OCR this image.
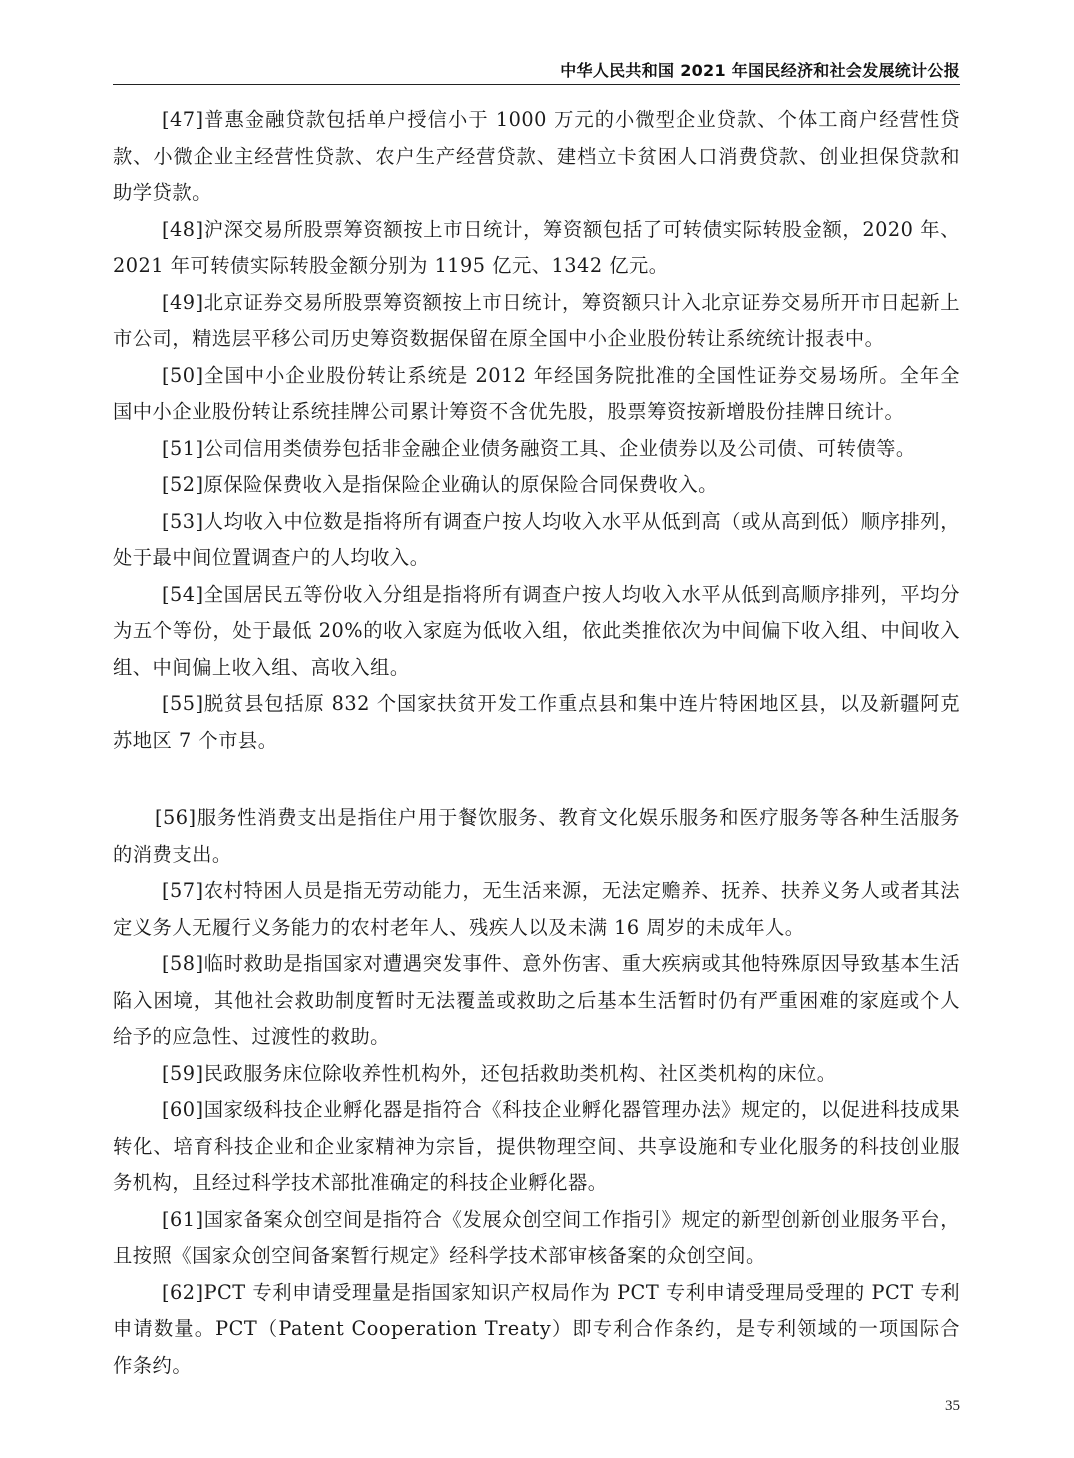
中华人民共和国 2021 年国民经济和社会发展统计公报

[47]普惠金融贷款包括单户授信小于 1000 万元的小微型企业贷款、个体工商户经营性贷款、小微企业主经营性贷款、农户生产经营贷款、建档立卡贫困人口消费贷款、创业担保贷款和助学贷款。

[48]沪深交易所股票筹资额按上市日统计，筹资额包括了可转债实际转股金额，2020 年、2021 年可转债实际转股金额分别为 1195 亿元、1342 亿元。

[49]北京证券交易所股票筹资额按上市日统计，筹资额只计入北京证券交易所开市日起新上市公司，精选层平移公司历史筹资数据保留在原全国中小企业股份转让系统统计报表中。

[50]全国中小企业股份转让系统是 2012 年经国务院批准的全国性证券交易场所。全年全国中小企业股份转让系统挂牌公司累计筹资不含优先股，股票筹资按新增股份挂牌日统计。

[51]公司信用类债券包括非金融企业债务融资工具、企业债券以及公司债、可转债等。

[52]原保险保费收入是指保险企业确认的原保险合同保费收入。

[53]人均收入中位数是指将所有调查户按人均收入水平从低到高（或从高到低）顺序排列，处于最中间位置调查户的人均收入。

[54]全国居民五等份收入分组是指将所有调查户按人均收入水平从低到高顺序排列，平均分为五个等份，处于最低 20%的收入家庭为低收入组，依此类推依次为中间偏下收入组、中间收入组、中间偏上收入组、高收入组。

[55]脱贫县包括原 832 个国家扶贫开发工作重点县和集中连片特困地区县，以及新疆阿克苏地区 7 个市县。

[56]服务性消费支出是指住户用于餐饮服务、教育文化娱乐服务和医疗服务等各种生活服务的消费支出。

[57]农村特困人员是指无劳动能力，无生活来源，无法定赡养、抚养、扶养义务人或者其法定义务人无履行义务能力的农村老年人、残疾人以及未满 16 周岁的未成年人。

[58]临时救助是指国家对遭遇突发事件、意外伤害、重大疾病或其他特殊原因导致基本生活陷入困境，其他社会救助制度暂时无法覆盖或救助之后基本生活暂时仍有严重困难的家庭或个人给予的应急性、过渡性的救助。

[59]民政服务床位除收养性机构外，还包括救助类机构、社区类机构的床位。

[60]国家级科技企业孵化器是指符合《科技企业孵化器管理办法》规定的，以促进科技成果转化、培育科技企业和企业家精神为宗旨，提供物理空间、共享设施和专业化服务的科技创业服务机构，且经过科学技术部批准确定的科技企业孵化器。

[61]国家备案众创空间是指符合《发展众创空间工作指引》规定的新型创新创业服务平台，且按照《国家众创空间备案暂行规定》经科学技术部审核备案的众创空间。

[62]PCT 专利申请受理量是指国家知识产权局作为 PCT 专利申请受理局受理的 PCT 专利申请数量。PCT（Patent Cooperation Treaty）即专利合作条约，是专利领域的一项国际合作条约。

35
